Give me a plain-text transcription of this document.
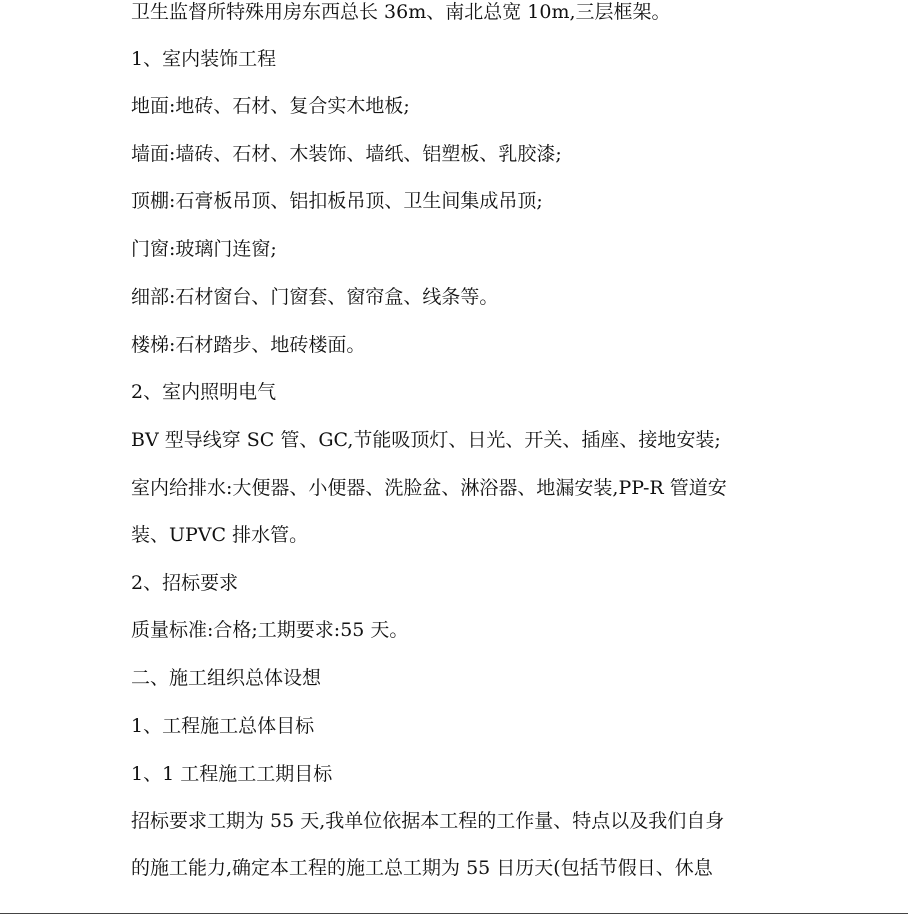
卫生监督所特殊用房东西总长 36m、南北总宽 10m,三层框架。
1、室内装饰工程
地面:地砖、石材、复合实木地板;
墙面:墙砖、石材、木装饰、墙纸、铝塑板、乳胶漆;
顶棚:石膏板吊顶、铝扣板吊顶、卫生间集成吊顶;
门窗:玻璃门连窗;
细部:石材窗台、门窗套、窗帘盒、线条等。
楼梯:石材踏步、地砖楼面。
2、室内照明电气
BV 型导线穿 SC 管、GC,节能吸顶灯、日光、开关、插座、接地安装;
室内给排水:大便器、小便器、洗脸盆、淋浴器、地漏安装,PP-R 管道安
装、UPVC 排水管。
2、招标要求
质量标准:合格;工期要求:55 天。
二、施工组织总体设想
1、工程施工总体目标
1、1 工程施工工期目标
招标要求工期为 55 天,我单位依据本工程的工作量、特点以及我们自身
的施工能力,确定本工程的施工总工期为 55 日历天(包括节假日、休息
